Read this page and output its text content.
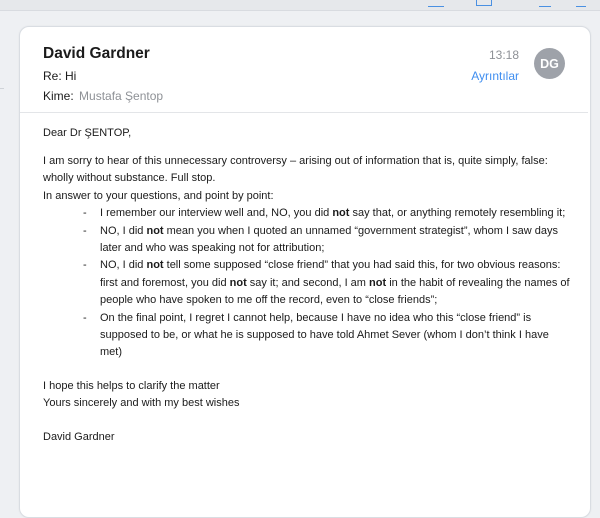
David Gardner	13:18
DG
Re: Hi	Ayrıntılar
Kime: Mustafa Şentop

Dear Dr ŞENTOP,

I am sorry to hear of this unnecessary controversy – arising out of information that is, quite simply, false:

wholly without substance. Full stop.

In answer to your questions, and point by point:

- I remember our interview well and, NO, you did not say that, or anything remotely resembling it;
- NO, I did not mean you when I quoted an unnamed “government strategist”, whom I saw days later and who was speaking not for attribution;
- NO, I did not tell some supposed “close friend” that you had said this, for two obvious reasons: first and foremost, you did not say it; and second, I am not in the habit of revealing the names of people who have spoken to me off the record, even to “close friends”;
- On the final point, I regret I cannot help, because I have no idea who this “close friend” is supposed to be, or what he is supposed to have told Ahmet Sever (whom I don’t think I have met)

I hope this helps to clarify the matter

Yours sincerely and with my best wishes

David Gardner
